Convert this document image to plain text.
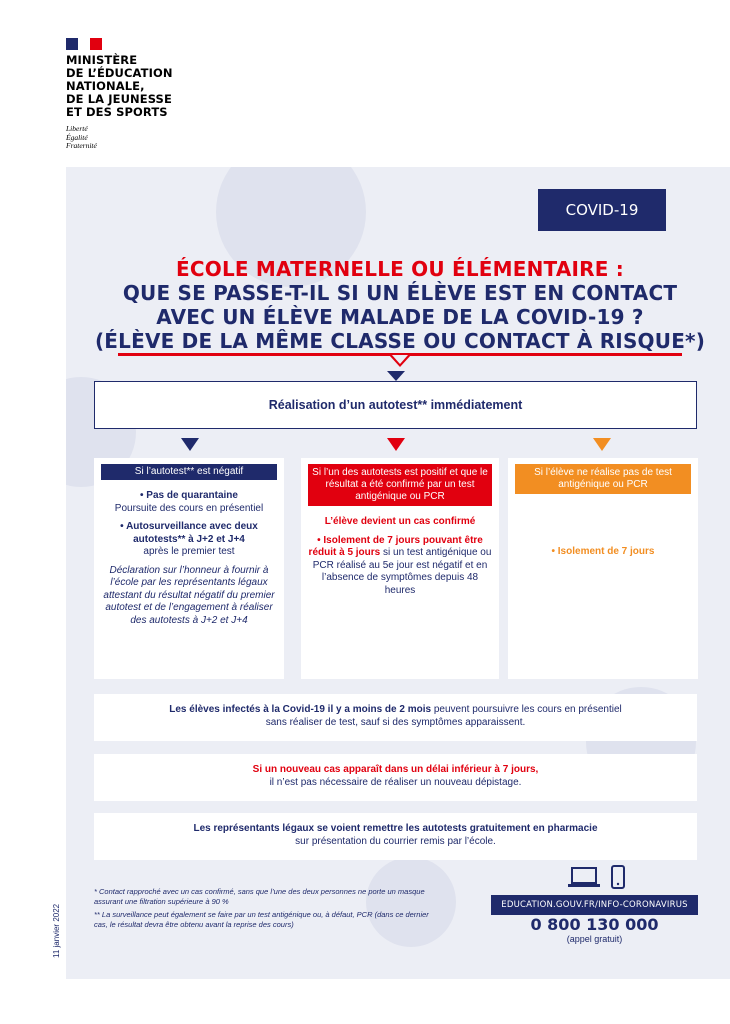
MINISTÈRE
DE L’ÉDUCATION
NATIONALE,
DE LA JEUNESSE
ET DES SPORTS
Liberté
Égalité
Fraternité
COVID-19
ÉCOLE MATERNELLE OU ÉLÉMENTAIRE :
QUE SE PASSE-T-IL SI UN ÉLÈVE EST EN CONTACT
AVEC UN ÉLÈVE MALADE DE LA COVID-19 ?
(ÉLÈVE DE LA MÊME CLASSE OU CONTACT À RISQUE*)
Réalisation d’un autotest** immédiatement
Si l’autotest** est négatif

• Pas de quarantaine
Poursuite des cours en présentiel

• Autosurveillance avec deux autotests** à J+2 et J+4
après le premier test

Déclaration sur l’honneur à fournir à l’école par les représentants légaux attestant du résultat négatif du premier autotest et de l’engagement à réaliser des autotests à J+2 et J+4

Si l’un des autotests est positif et que le résultat a été confirmé par un test antigénique ou PCR

L’élève devient un cas confirmé

• Isolement de 7 jours pouvant être réduit à 5 jours si un test antigénique ou PCR réalisé au 5e jour est négatif et en l’absence de symptômes depuis 48 heures

Si l’élève ne réalise pas de test antigénique ou PCR

• Isolement de 7 jours

Les élèves infectés à la Covid-19 il y a moins de 2 mois peuvent poursuivre les cours en présentiel
sans réaliser de test, sauf si des symptômes apparaissent.
Si un nouveau cas apparaît dans un délai inférieur à 7 jours,
il n’est pas nécessaire de réaliser un nouveau dépistage.
Les représentants légaux se voient remettre les autotests gratuitement en pharmacie
sur présentation du courrier remis par l’école.

* Contact rapproché avec un cas confirmé, sans que l’une des deux personnes ne porte un masque assurant une filtration supérieure à 90 %

** La surveillance peut également se faire par un test antigénique ou, à défaut, PCR (dans ce dernier cas, le résultat devra être obtenu avant la reprise des cours)

11 janvier 2022	EDUCATION.GOUV.FR/INFO-CORONAVIRUS
0 800 130 000
(appel gratuit)
